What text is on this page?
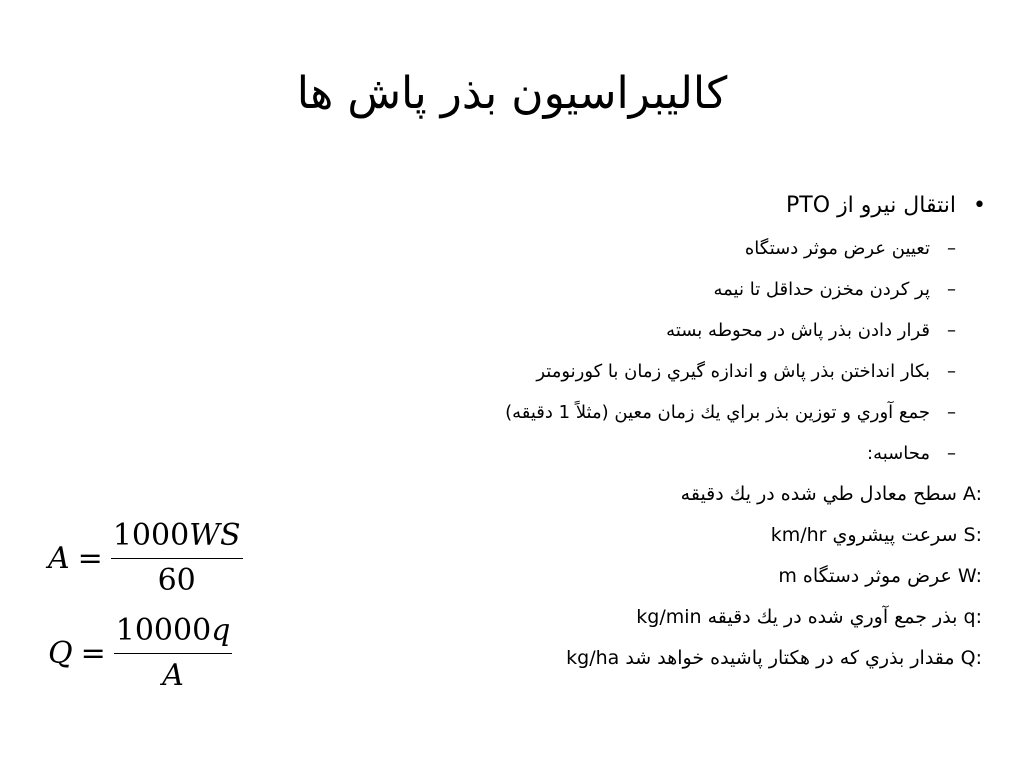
كاليبراسيون بذر پاش ها
•
انتقال نيرو از PTO
–
تعيين عرض موثر دستگاه
–
پر كردن مخزن حداقل تا نيمه
–
قرار دادن بذر پاش در محوطه بسته
–
بكار انداختن بذر پاش و اندازه گيري زمان با كورنومتر
–
جمع آوري و توزين بذر براي يك زمان معين (مثلاً 1 دقيقه)
–
محاسبه:
A: سطح معادل طي شده در يك دقيقه
S: سرعت پيشروي km/hr
W: عرض موثر دستگاه m
q: بذر جمع آوري شده در يك دقيقه kg/min
Q: مقدار بذري كه در هكتار پاشيده خواهد شد kg/ha
$A = \frac{1000WS}{60}$
$Q = \frac{10000q}{A}$
